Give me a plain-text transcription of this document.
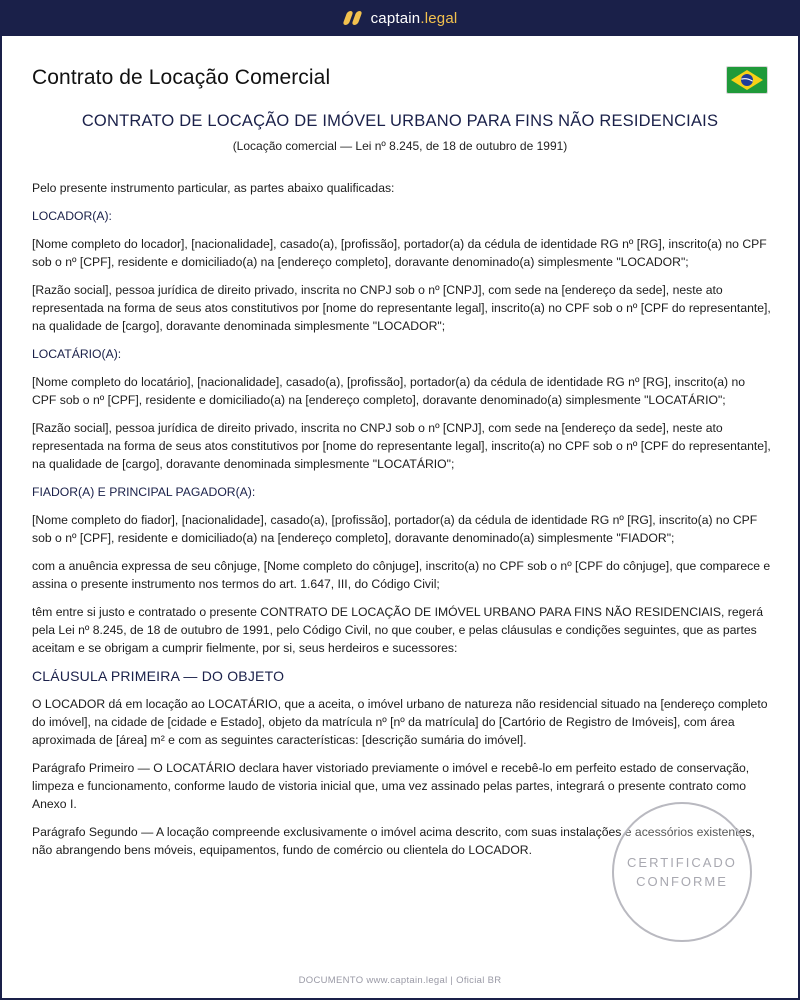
captain.legal
Contrato de Locação Comercial
CONTRATO DE LOCAÇÃO DE IMÓVEL URBANO PARA FINS NÃO RESIDENCIAIS
(Locação comercial — Lei nº 8.245, de 18 de outubro de 1991)

Pelo presente instrumento particular, as partes abaixo qualificadas:

LOCADOR(A):

[Nome completo do locador], [nacionalidade], casado(a), [profissão], portador(a) da cédula de identidade RG nº [RG], inscrito(a) no CPF sob o nº [CPF], residente e domiciliado(a) na [endereço completo], doravante denominado(a) simplesmente "LOCADOR";

[Razão social], pessoa jurídica de direito privado, inscrita no CNPJ sob o nº [CNPJ], com sede na [endereço da sede], neste ato representada na forma de seus atos constitutivos por [nome do representante legal], inscrito(a) no CPF sob o nº [CPF do representante], na qualidade de [cargo], doravante denominada simplesmente "LOCADOR";

LOCATÁRIO(A):

[Nome completo do locatário], [nacionalidade], casado(a), [profissão], portador(a) da cédula de identidade RG nº [RG], inscrito(a) no CPF sob o nº [CPF], residente e domiciliado(a) na [endereço completo], doravante denominado(a) simplesmente "LOCATÁRIO";

[Razão social], pessoa jurídica de direito privado, inscrita no CNPJ sob o nº [CNPJ], com sede na [endereço da sede], neste ato representada na forma de seus atos constitutivos por [nome do representante legal], inscrito(a) no CPF sob o nº [CPF do representante], na qualidade de [cargo], doravante denominada simplesmente "LOCATÁRIO";

FIADOR(A) E PRINCIPAL PAGADOR(A):

[Nome completo do fiador], [nacionalidade], casado(a), [profissão], portador(a) da cédula de identidade RG nº [RG], inscrito(a) no CPF sob o nº [CPF], residente e domiciliado(a) na [endereço completo], doravante denominado(a) simplesmente "FIADOR";

com a anuência expressa de seu cônjuge, [Nome completo do cônjuge], inscrito(a) no CPF sob o nº [CPF do cônjuge], que comparece e assina o presente instrumento nos termos do art. 1.647, III, do Código Civil;

têm entre si justo e contratado o presente CONTRATO DE LOCAÇÃO DE IMÓVEL URBANO PARA FINS NÃO RESIDENCIAIS, regerá pela Lei nº 8.245, de 18 de outubro de 1991, pelo Código Civil, no que couber, e pelas cláusulas e condições seguintes, que as partes aceitam e se obrigam a cumprir fielmente, por si, seus herdeiros e sucessores:

CLÁUSULA PRIMEIRA — DO OBJETO

O LOCADOR dá em locação ao LOCATÁRIO, que a aceita, o imóvel urbano de natureza não residencial situado na [endereço completo do imóvel], na cidade de [cidade e Estado], objeto da matrícula nº [nº da matrícula] do [Cartório de Registro de Imóveis], com área aproximada de [área] m² e com as seguintes características: [descrição sumária do imóvel].

Parágrafo Primeiro — O LOCATÁRIO declara haver vistoriado previamente o imóvel e recebê-lo em perfeito estado de conservação, limpeza e funcionamento, conforme laudo de vistoria inicial que, uma vez assinado pelas partes, integrará o presente contrato como Anexo I.

Parágrafo Segundo — A locação compreende exclusivamente o imóvel acima descrito, com suas instalações e acessórios existentes, não abrangendo bens móveis, equipamentos, fundo de comércio ou clientela do LOCADOR.

CERTIFICADO
CONFORME
DOCUMENTO www.captain.legal | Oficial BR
